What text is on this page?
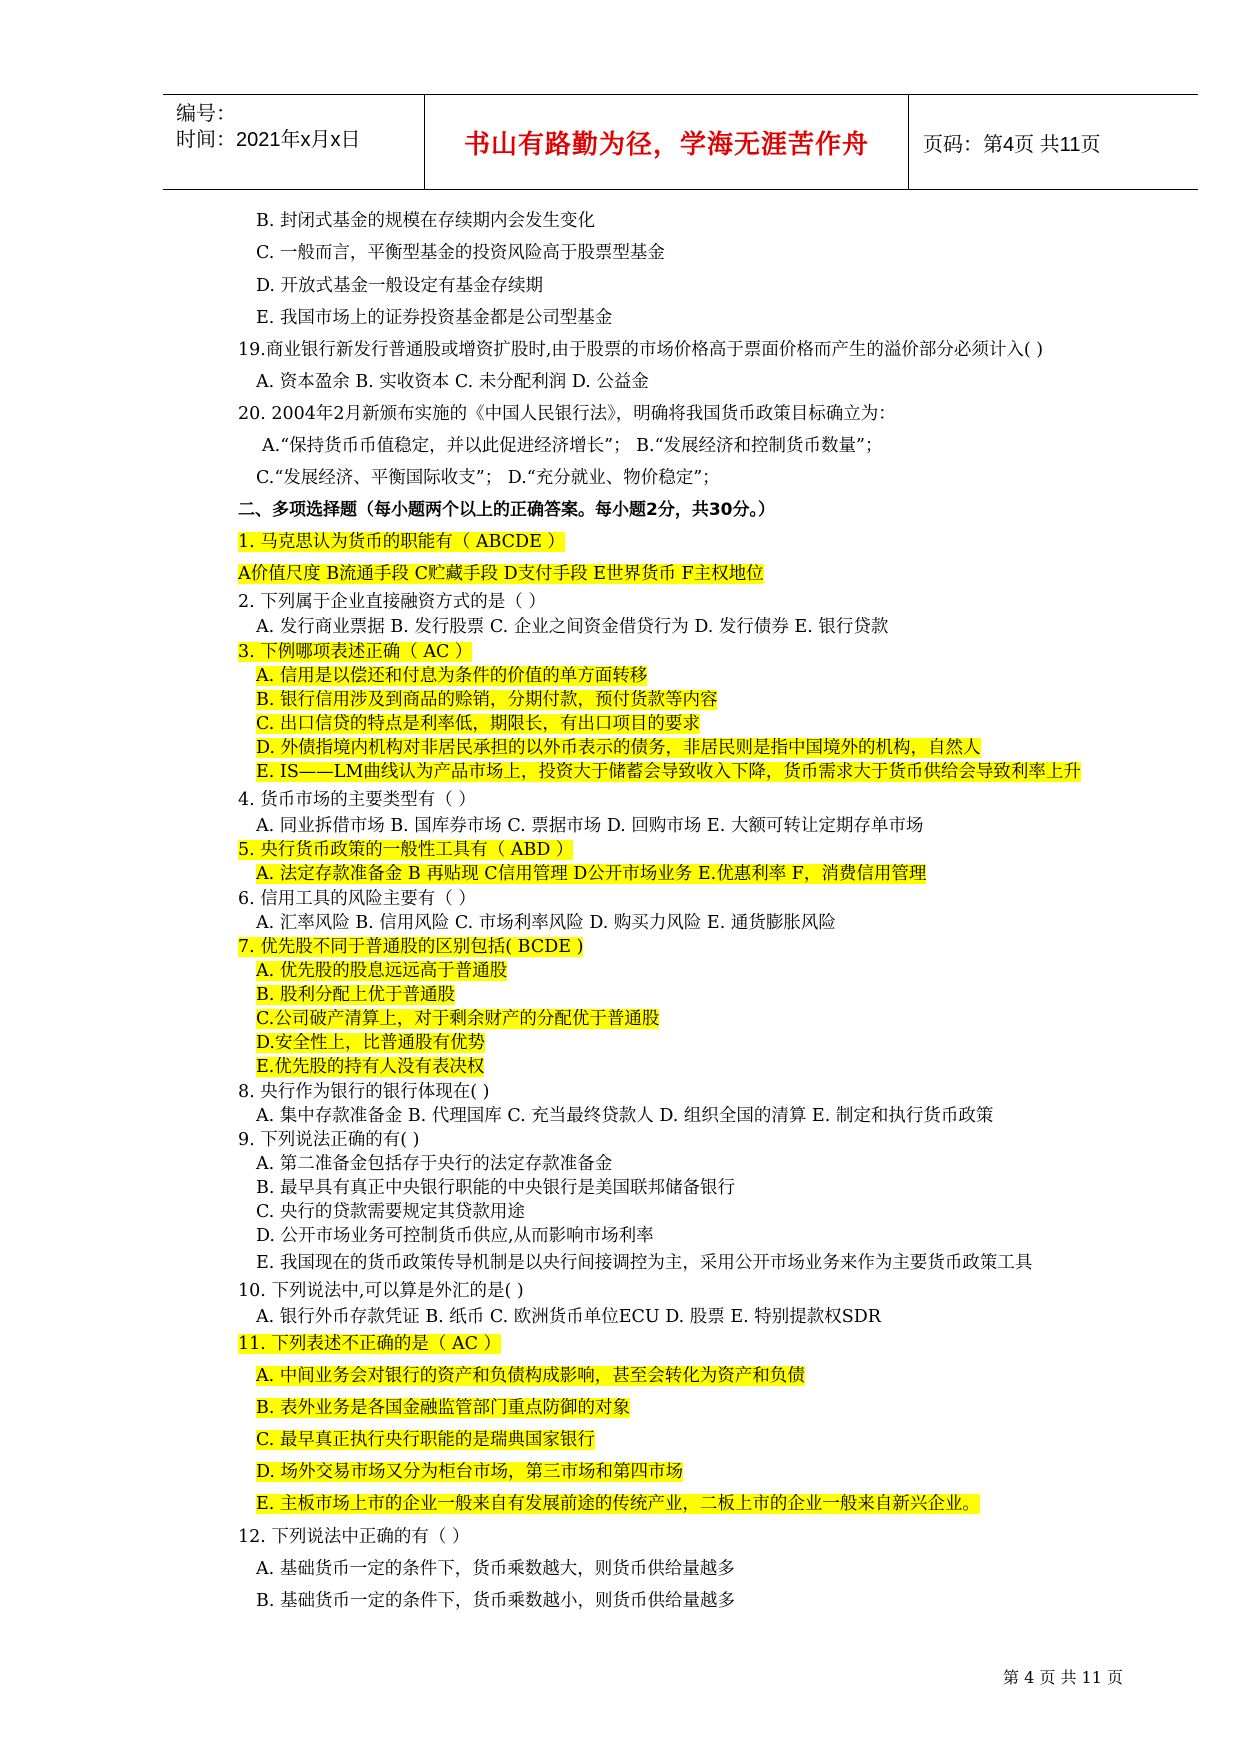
编号：
时间：2021年x月x日	书山有路勤为径，学海无涯苦作舟	页码：第4页 共11页
B. 封闭式基金的规模在存续期内会发生变化
C. 一般而言，平衡型基金的投资风险高于股票型基金
D. 开放式基金一般设定有基金存续期
E. 我国市场上的证券投资基金都是公司型基金
19.商业银行新发行普通股或增资扩股时,由于股票的市场价格高于票面价格而产生的溢价部分必须计入( )
A. 资本盈余 B. 实收资本 C. 未分配利润 D. 公益金
20. 2004年2月新颁布实施的《中国人民银行法》，明确将我国货币政策目标确立为：
A.“保持货币币值稳定，并以此促进经济增长”； B.“发展经济和控制货币数量”；
C.“发展经济、平衡国际收支”； D.“充分就业、物价稳定”；
二、多项选择题（每小题两个以上的正确答案。每小题2分，共30分。）
1. 马克思认为货币的职能有（ ABCDE ）
A价值尺度 B流通手段 C贮藏手段 D支付手段 E世界货币 F主权地位
2. 下列属于企业直接融资方式的是（ ）
A. 发行商业票据 B. 发行股票 C. 企业之间资金借贷行为 D. 发行债券 E. 银行贷款
3. 下例哪项表述正确（ AC ）
A. 信用是以偿还和付息为条件的价值的单方面转移
B. 银行信用涉及到商品的赊销，分期付款，预付货款等内容
C. 出口信贷的特点是利率低，期限长，有出口项目的要求
D. 外债指境内机构对非居民承担的以外币表示的债务，非居民则是指中国境外的机构，自然人
E. IS——LM曲线认为产品市场上，投资大于储蓄会导致收入下降，货币需求大于货币供给会导致利率上升
4. 货币市场的主要类型有（ ）
A. 同业拆借市场 B. 国库券市场 C. 票据市场 D. 回购市场 E. 大额可转让定期存单市场
5. 央行货币政策的一般性工具有（ ABD ）
A. 法定存款准备金 B 再贴现 C信用管理 D公开市场业务 E.优惠利率 F，消费信用管理
6. 信用工具的风险主要有（ ）
A. 汇率风险 B. 信用风险 C. 市场利率风险 D. 购买力风险 E. 通货膨胀风险
7. 优先股不同于普通股的区别包括( BCDE )
A. 优先股的股息远远高于普通股
B. 股利分配上优于普通股
C.公司破产清算上，对于剩余财产的分配优于普通股
D.安全性上，比普通股有优势
E.优先股的持有人没有表决权
8. 央行作为银行的银行体现在( )
A. 集中存款准备金 B. 代理国库 C. 充当最终贷款人 D. 组织全国的清算 E. 制定和执行货币政策
9. 下列说法正确的有( )
A. 第二准备金包括存于央行的法定存款准备金
B. 最早具有真正中央银行职能的中央银行是美国联邦储备银行
C. 央行的贷款需要规定其贷款用途
D. 公开市场业务可控制货币供应,从而影响市场利率
E. 我国现在的货币政策传导机制是以央行间接调控为主，采用公开市场业务来作为主要货币政策工具
10. 下列说法中,可以算是外汇的是( )
A. 银行外币存款凭证 B. 纸币 C. 欧洲货币单位ECU D. 股票 E. 特别提款权SDR
11. 下列表述不正确的是（ AC ）
A. 中间业务会对银行的资产和负债构成影响，甚至会转化为资产和负债
B. 表外业务是各国金融监管部门重点防御的对象
C. 最早真正执行央行职能的是瑞典国家银行
D. 场外交易市场又分为柜台市场，第三市场和第四市场
E. 主板市场上市的企业一般来自有发展前途的传统产业，二板上市的企业一般来自新兴企业。
12. 下列说法中正确的有（ ）
A. 基础货币一定的条件下，货币乘数越大，则货币供给量越多
B. 基础货币一定的条件下，货币乘数越小，则货币供给量越多
第 4 页 共 11 页
